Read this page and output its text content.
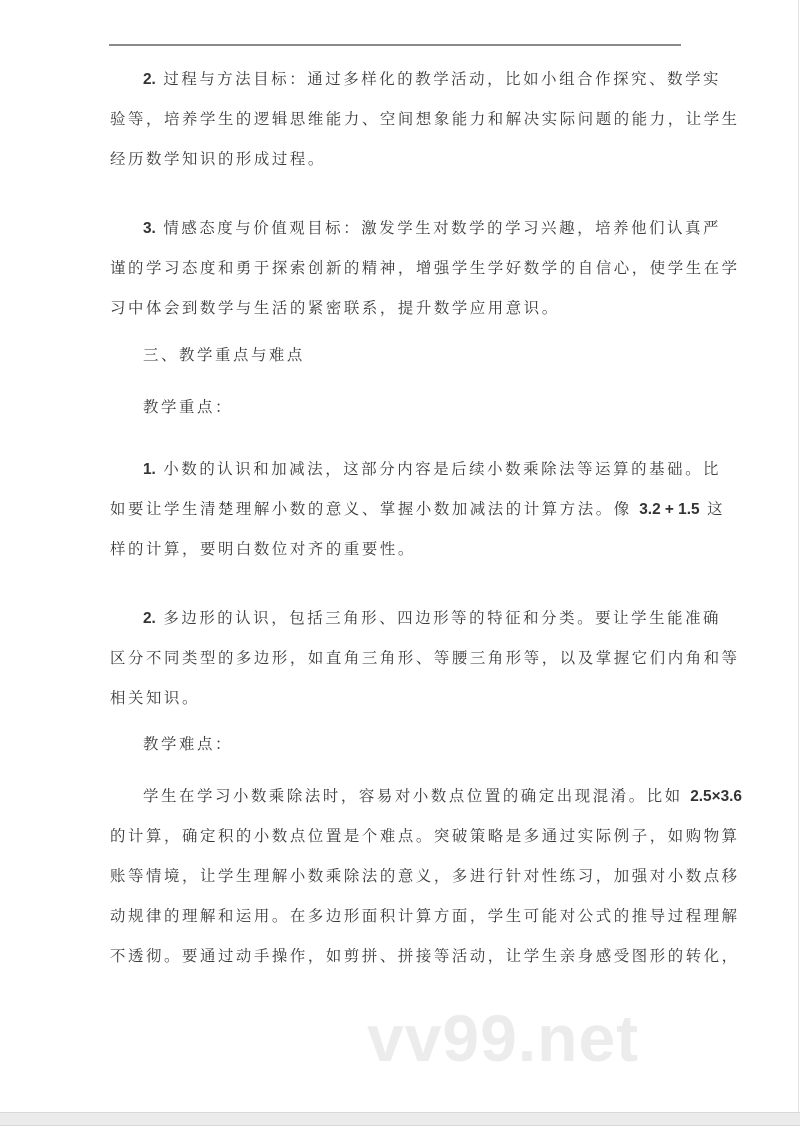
2. 过程与方法目标：通过多样化的教学活动，比如小组合作探究、数学实
验等，培养学生的逻辑思维能力、空间想象能力和解决实际问题的能力，让学生
经历数学知识的形成过程。
3. 情感态度与价值观目标：激发学生对数学的学习兴趣，培养他们认真严
谨的学习态度和勇于探索创新的精神，增强学生学好数学的自信心，使学生在学
习中体会到数学与生活的紧密联系，提升数学应用意识。
三、教学重点与难点
教学重点：
1. 小数的认识和加减法，这部分内容是后续小数乘除法等运算的基础。比
如要让学生清楚理解小数的意义、掌握小数加减法的计算方法。像 3.2 + 1.5 这
样的计算，要明白数位对齐的重要性。
2. 多边形的认识，包括三角形、四边形等的特征和分类。要让学生能准确
区分不同类型的多边形，如直角三角形、等腰三角形等，以及掌握它们内角和等
相关知识。
教学难点：
学生在学习小数乘除法时，容易对小数点位置的确定出现混淆。比如 2.5×3.6
的计算，确定积的小数点位置是个难点。突破策略是多通过实际例子，如购物算
账等情境，让学生理解小数乘除法的意义，多进行针对性练习，加强对小数点移
动规律的理解和运用。在多边形面积计算方面，学生可能对公式的推导过程理解
不透彻。要通过动手操作，如剪拼、拼接等活动，让学生亲身感受图形的转化，
vv99.net
